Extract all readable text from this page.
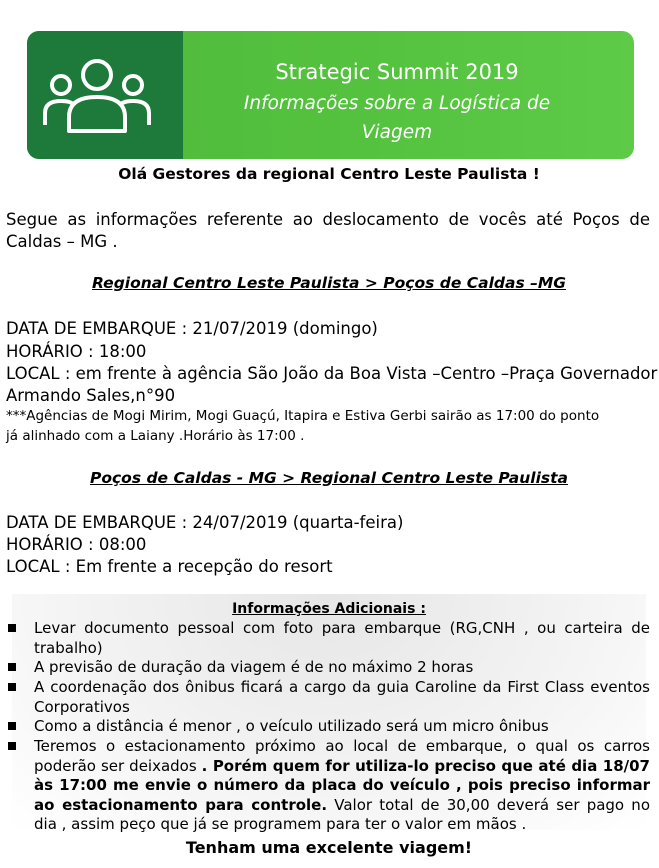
Strategic Summit 2019
Informações sobre a Logística de
Viagem
Olá Gestores da regional Centro Leste Paulista !
Segue as informações referente ao deslocamento de vocês até Poços de Caldas – MG .
Regional Centro Leste Paulista > Poços de Caldas –MG
DATA DE EMBARQUE : 21/07/2019 (domingo)
HORÁRIO : 18:00
LOCAL : em frente à agência São João da Boa Vista –Centro –Praça Governador
Armando Sales,n°90
***Agências de Mogi Mirim, Mogi Guaçú, Itapira e Estiva Gerbi sairão as 17:00 do ponto
já alinhado com a Laiany .Horário às 17:00 .
Poços de Caldas - MG > Regional Centro Leste Paulista
DATA DE EMBARQUE : 24/07/2019 (quarta-feira)
HORÁRIO : 08:00
LOCAL : Em frente a recepção do resort
Informações Adicionais :
Levar documento pessoal com foto para embarque (RG,CNH , ou carteira de trabalho)
A previsão de duração da viagem é de no máximo 2 horas
A coordenação dos ônibus ficará a cargo da guia Caroline da First Class eventos Corporativos
Como a distância é menor , o veículo utilizado será um micro ônibus
Teremos o estacionamento próximo ao local de embarque, o qual os carros poderão ser deixados . Porém quem for utiliza-lo preciso que até dia 18/07 às 17:00 me envie o número da placa do veículo , pois preciso informar ao estacionamento para controle. Valor total de 30,00 deverá ser pago no dia , assim peço que já se programem para ter o valor em mãos .
Tenham uma excelente viagem!
